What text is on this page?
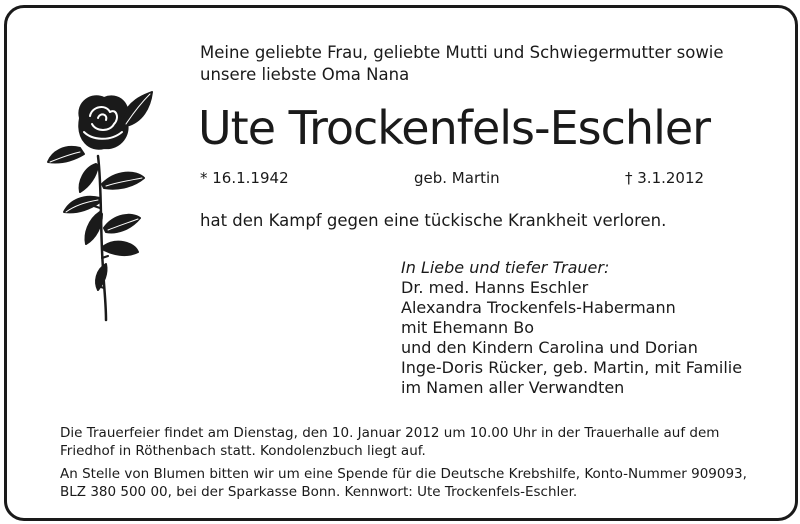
Meine geliebte Frau, geliebte Mutti und Schwiegermutter sowie unsere liebste Oma Nana

Ute Trockenfels-Eschler
* 16.1.1942	geb. Martin	† 3.1.2012

hat den Kampf gegen eine tückische Krankheit verloren.

In Liebe und tiefer Trauer:
Dr. med. Hanns Eschler
Alexandra Trockenfels-Habermann
mit Ehemann Bo
und den Kindern Carolina und Dorian
Inge-Doris Rücker, geb. Martin, mit Familie
im Namen aller Verwandten

Die Trauerfeier findet am Dienstag, den 10. Januar 2012 um 10.00 Uhr in der Trauerhalle auf dem Friedhof in Röthenbach statt. Kondolenzbuch liegt auf.

An Stelle von Blumen bitten wir um eine Spende für die Deutsche Krebshilfe, Konto-Nummer 909093, BLZ 380 500 00, bei der Sparkasse Bonn. Kennwort: Ute Trockenfels-Eschler.
